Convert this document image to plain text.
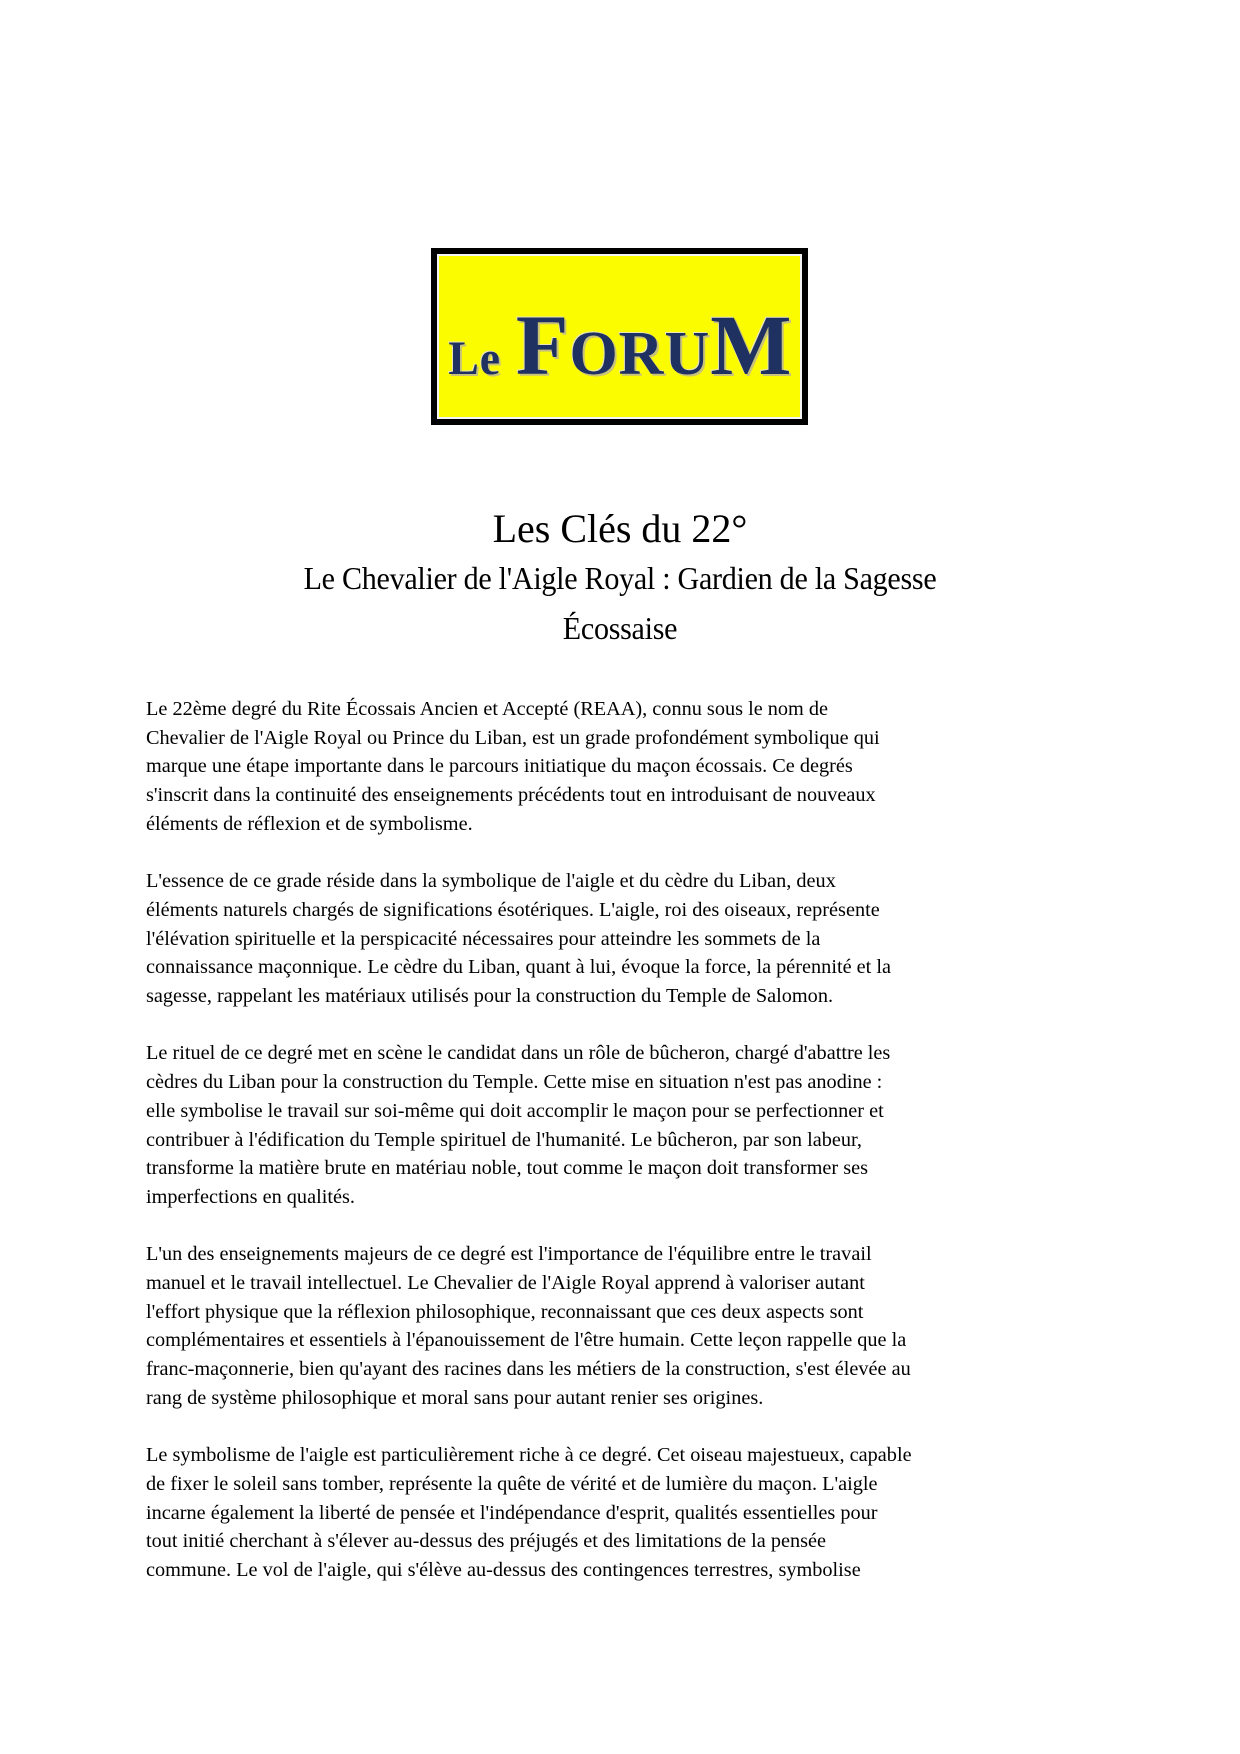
Le FORUM
Les Clés du 22°
Le Chevalier de l'Aigle Royal : Gardien de la Sagesse
Écossaise

Le 22ème degré du Rite Écossais Ancien et Accepté (REAA), connu sous le nom de
Chevalier de l'Aigle Royal ou Prince du Liban, est un grade profondément symbolique qui
marque une étape importante dans le parcours initiatique du maçon écossais. Ce degrés
s'inscrit dans la continuité des enseignements précédents tout en introduisant de nouveaux
éléments de réflexion et de symbolisme.

L'essence de ce grade réside dans la symbolique de l'aigle et du cèdre du Liban, deux
éléments naturels chargés de significations ésotériques. L'aigle, roi des oiseaux, représente
l'élévation spirituelle et la perspicacité nécessaires pour atteindre les sommets de la
connaissance maçonnique. Le cèdre du Liban, quant à lui, évoque la force, la pérennité et la
sagesse, rappelant les matériaux utilisés pour la construction du Temple de Salomon.

Le rituel de ce degré met en scène le candidat dans un rôle de bûcheron, chargé d'abattre les
cèdres du Liban pour la construction du Temple. Cette mise en situation n'est pas anodine :
elle symbolise le travail sur soi-même qui doit accomplir le maçon pour se perfectionner et
contribuer à l'édification du Temple spirituel de l'humanité. Le bûcheron, par son labeur,
transforme la matière brute en matériau noble, tout comme le maçon doit transformer ses
imperfections en qualités.

L'un des enseignements majeurs de ce degré est l'importance de l'équilibre entre le travail
manuel et le travail intellectuel. Le Chevalier de l'Aigle Royal apprend à valoriser autant
l'effort physique que la réflexion philosophique, reconnaissant que ces deux aspects sont
complémentaires et essentiels à l'épanouissement de l'être humain. Cette leçon rappelle que la
franc-maçonnerie, bien qu'ayant des racines dans les métiers de la construction, s'est élevée au
rang de système philosophique et moral sans pour autant renier ses origines.

Le symbolisme de l'aigle est particulièrement riche à ce degré. Cet oiseau majestueux, capable
de fixer le soleil sans tomber, représente la quête de vérité et de lumière du maçon. L'aigle
incarne également la liberté de pensée et l'indépendance d'esprit, qualités essentielles pour
tout initié cherchant à s'élever au-dessus des préjugés et des limitations de la pensée
commune. Le vol de l'aigle, qui s'élève au-dessus des contingences terrestres, symbolise
